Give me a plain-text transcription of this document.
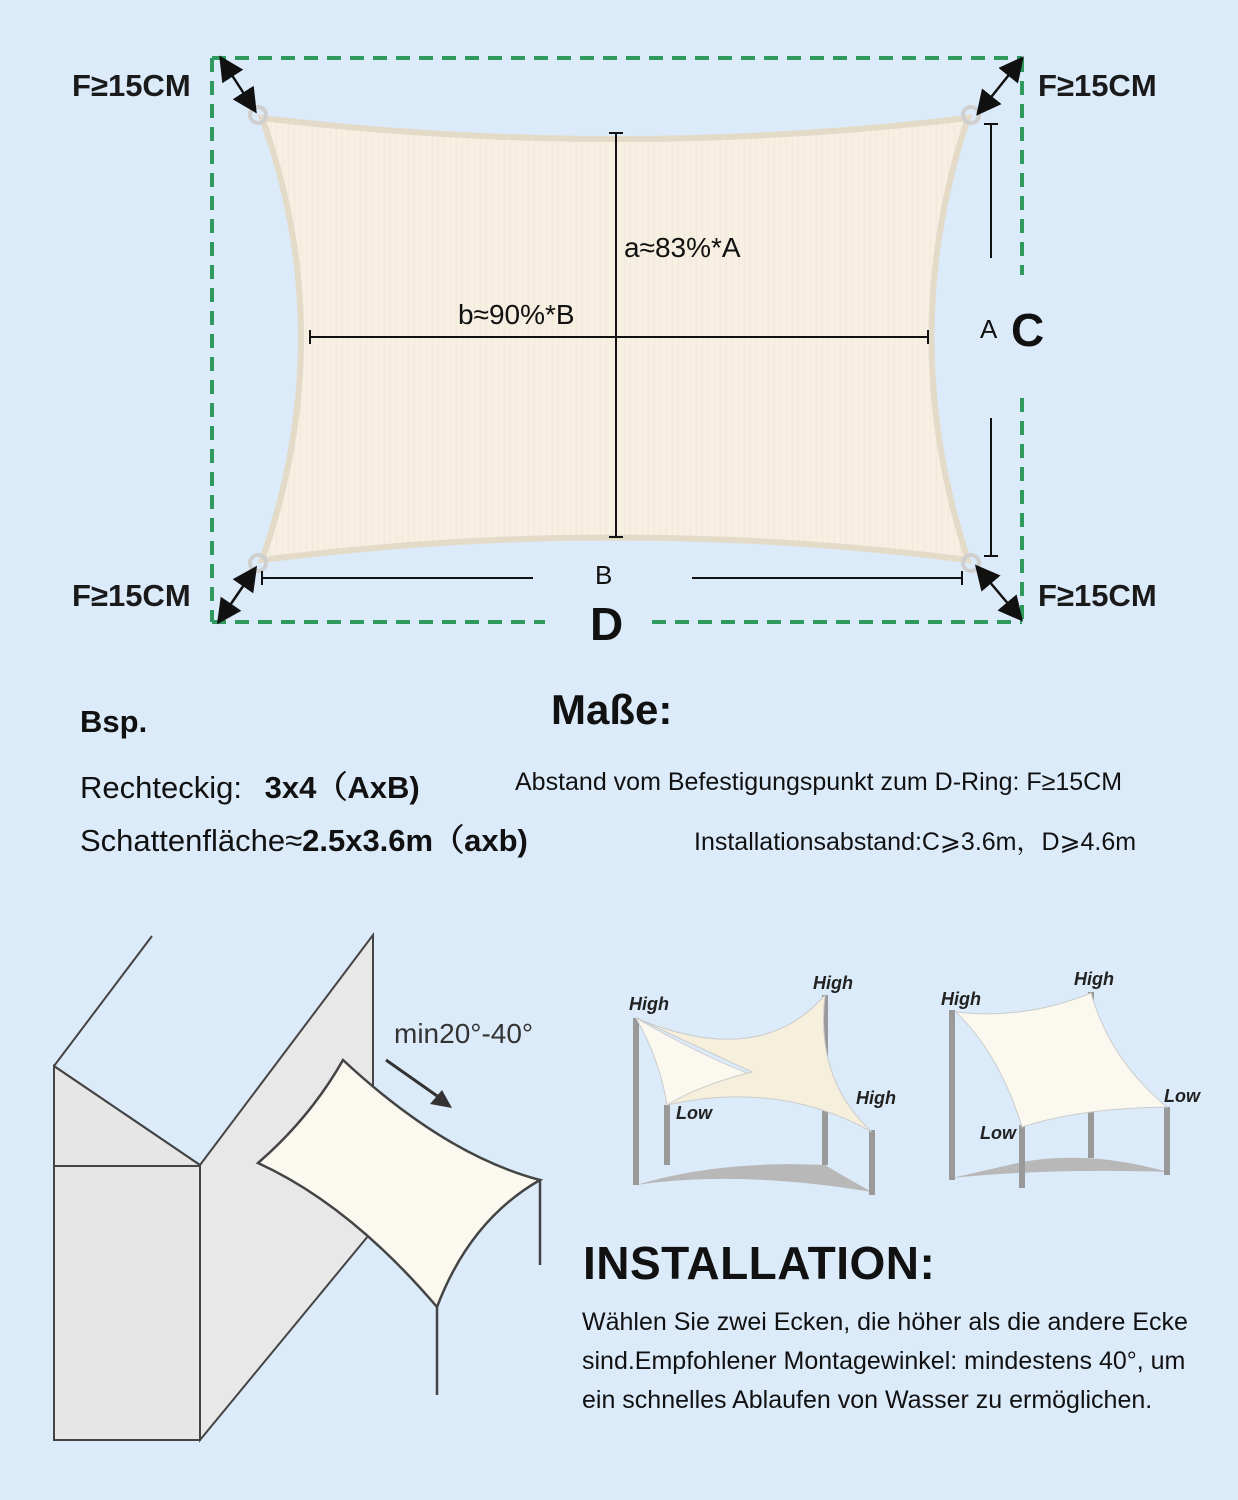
F≥15CM	F≥15CM
F≥15CM	F≥15CM
A C
B
D
a≈83%*A
b≈90%*B
Maße:
Bsp.
Rechteckig: 3x4（AxB)
Schattenfläche≈2.5x3.6m（axb)
Abstand vom Befestigungspunkt zum D-Ring: F≥15CM
Installationsabstand:C⩾3.6m，D⩾4.6m
min20°-40°
High
High
High
Low
High
High
Low
Low
INSTALLATION:
Wählen Sie zwei Ecken, die höher als die andere Ecke sind.Empfohlener Montagewinkel: mindestens 40°, um ein schnelles Ablaufen von Wasser zu ermöglichen.
